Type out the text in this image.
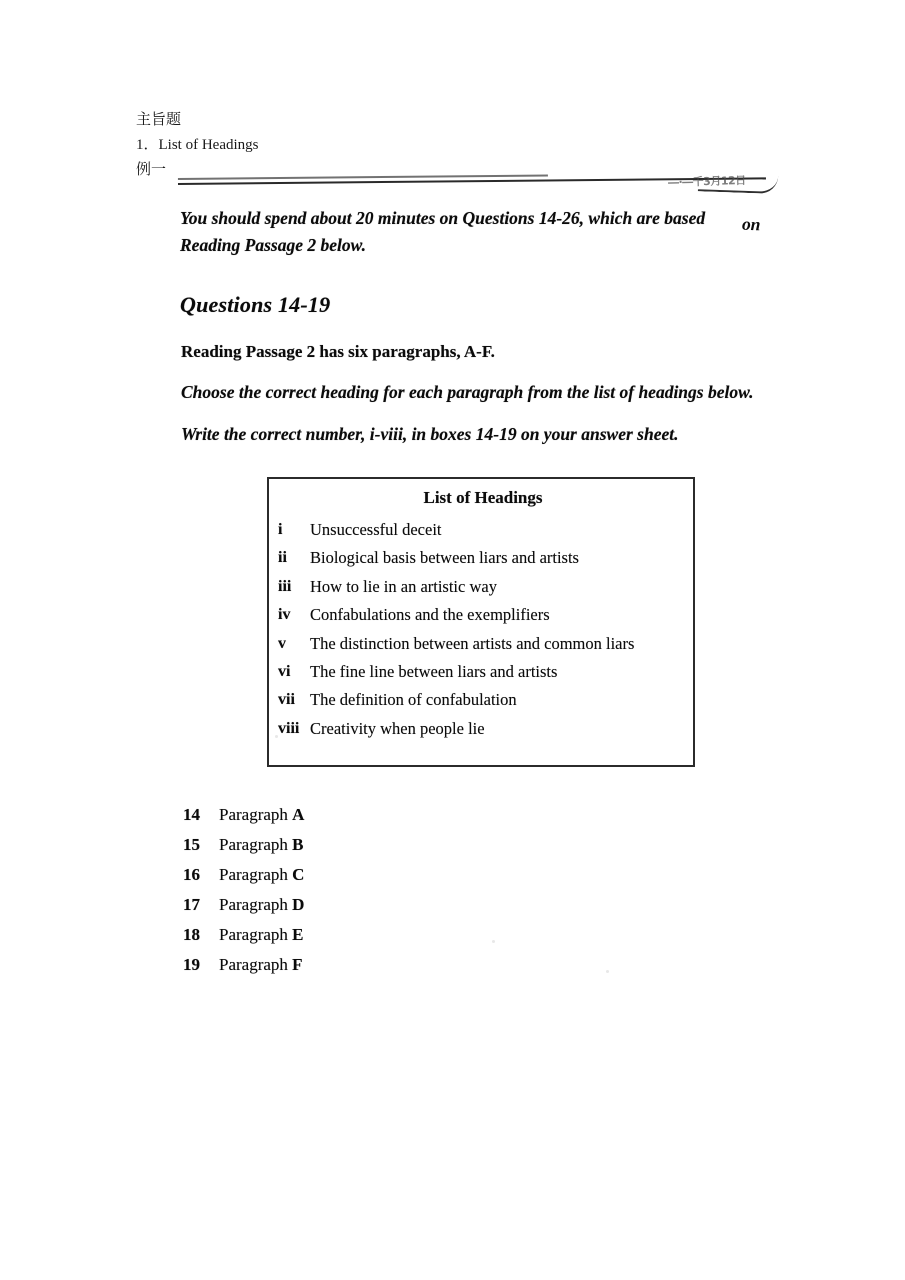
主旨题
1．List of Headings
例一
―·―千3月12日

You should spend about 20 minutes on Questions 14-26, which are based on
Reading Passage 2 below.
Questions 14-19
Reading Passage 2 has six paragraphs, A-F.
Choose the correct heading for each paragraph from the list of headings below.
Write the correct number, i-viii, in boxes 14-19 on your answer sheet.
List of Headings
i	Unsuccessful deceit
ii	Biological basis between liars and artists
iii	How to lie in an artistic way
iv	Confabulations and the exemplifiers
v	The distinction between artists and common liars
vi	The fine line between liars and artists
vii The definition of confabulation
viii Creativity when people lie
14	Paragraph A
15	Paragraph B
16	Paragraph C
17	Paragraph D
18	Paragraph E
19	Paragraph F
